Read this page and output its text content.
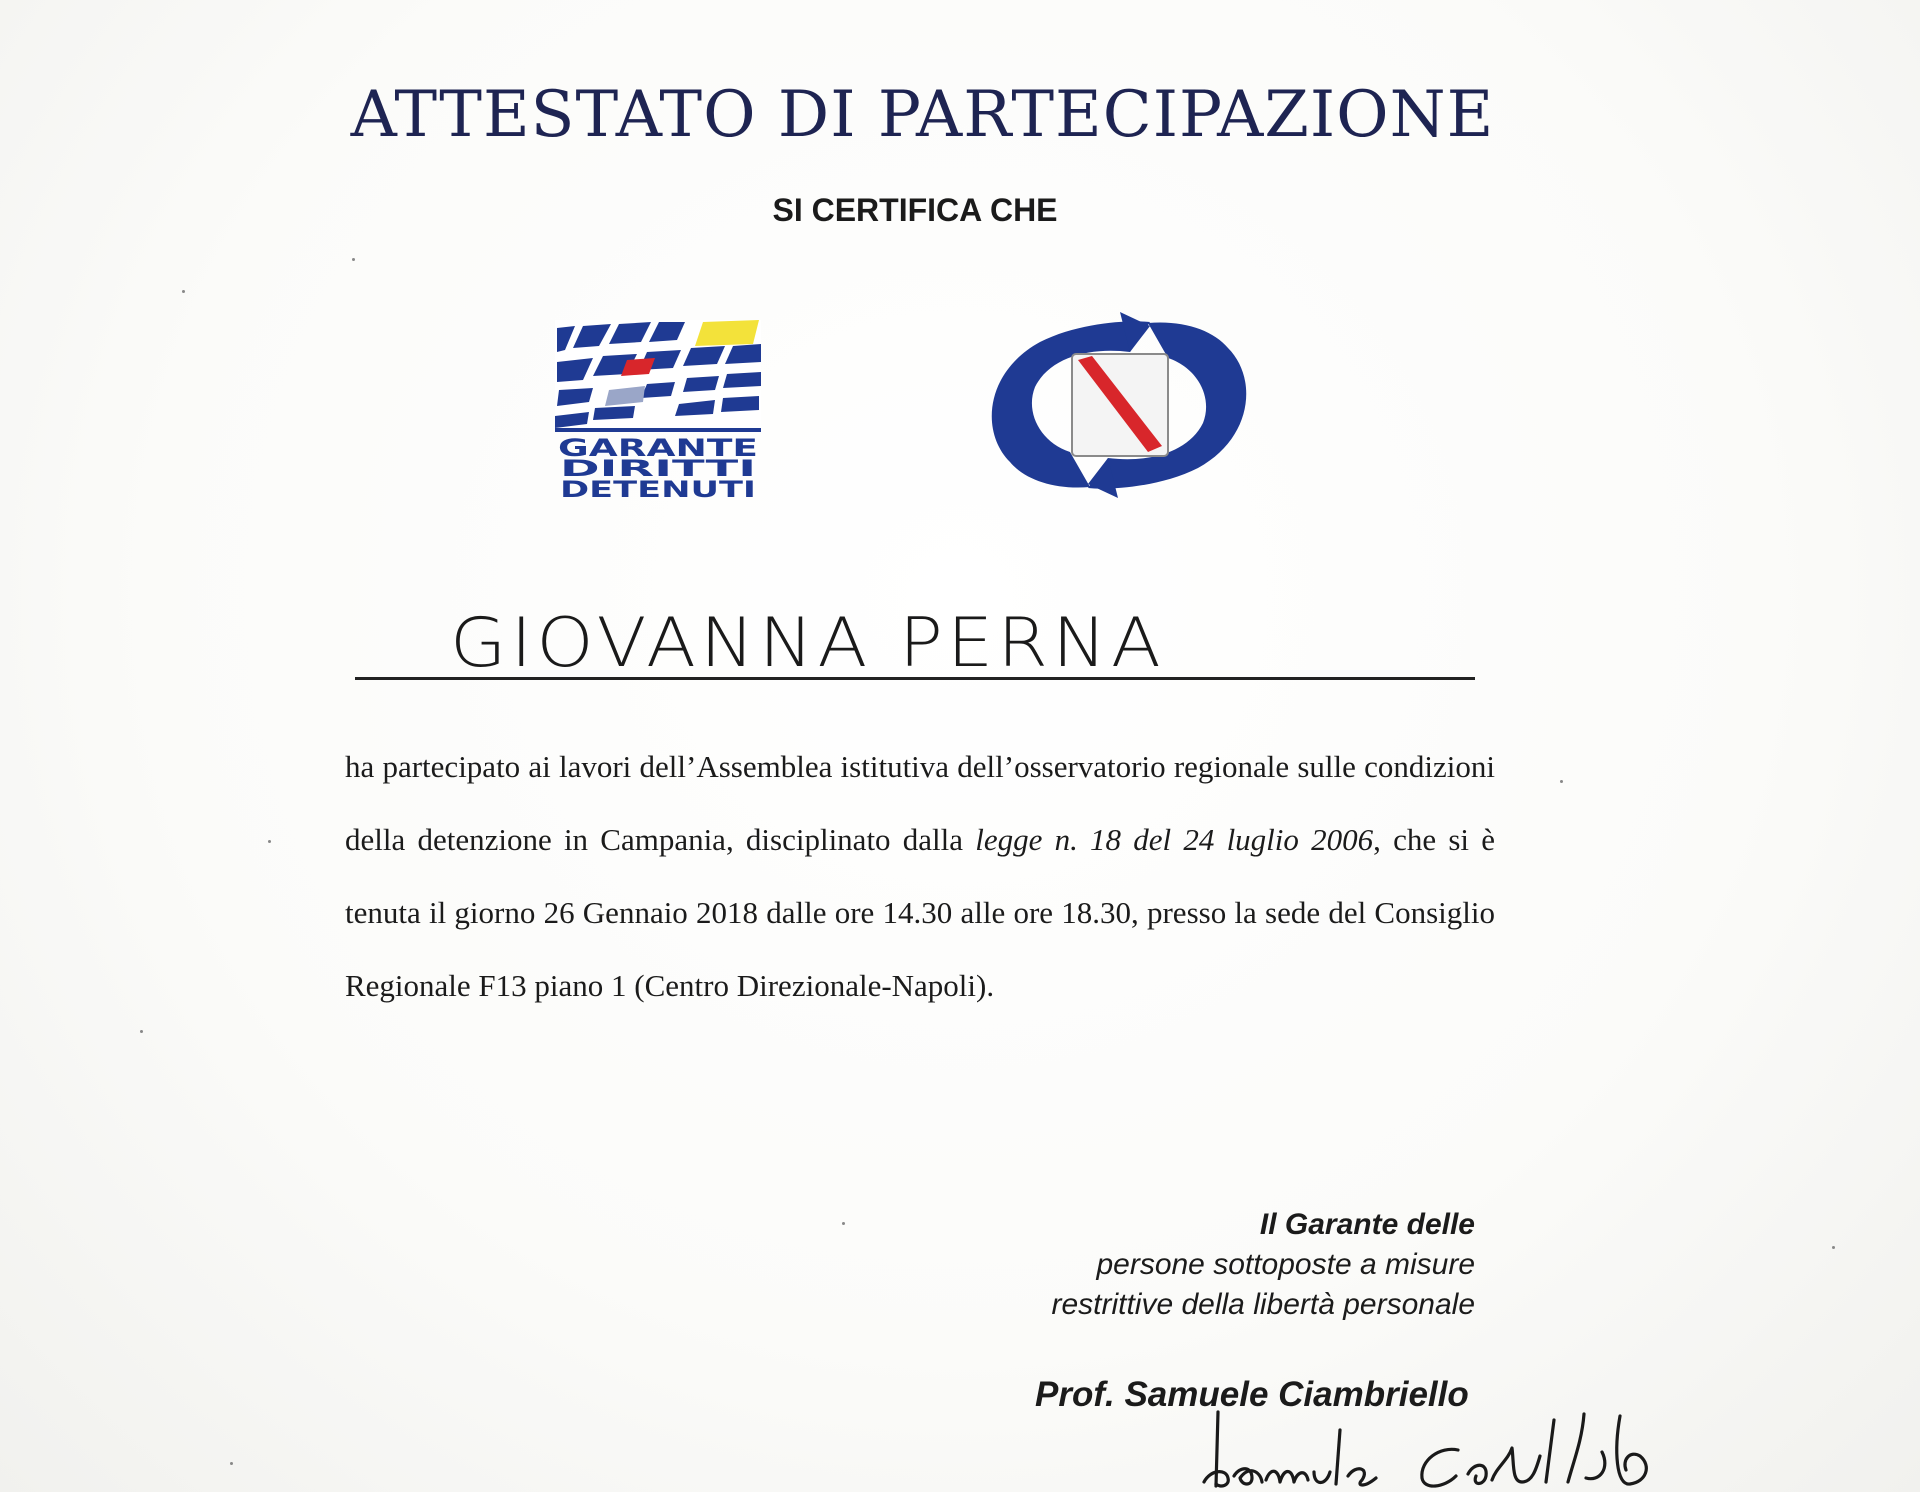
ATTESTATO DI PARTECIPAZIONE
SI CERTIFICA CHE
GARANTE
DIRITTI
DETENUTI
GIOVANNA PERNA
ha partecipato ai lavori dell’Assemblea istitutiva dell’osservatorio regionale sulle condizioni della detenzione in Campania, disciplinato dalla legge n. 18 del 24 luglio 2006, che si è tenuta il giorno 26 Gennaio 2018 dalle ore 14.30 alle ore 18.30, presso la sede del Consiglio Regionale F13 piano 1 (Centro Direzionale-Napoli).
Il Garante delle
persone sottoposte a misure
restrittive della libertà personale
Prof. Samuele Ciambriello
